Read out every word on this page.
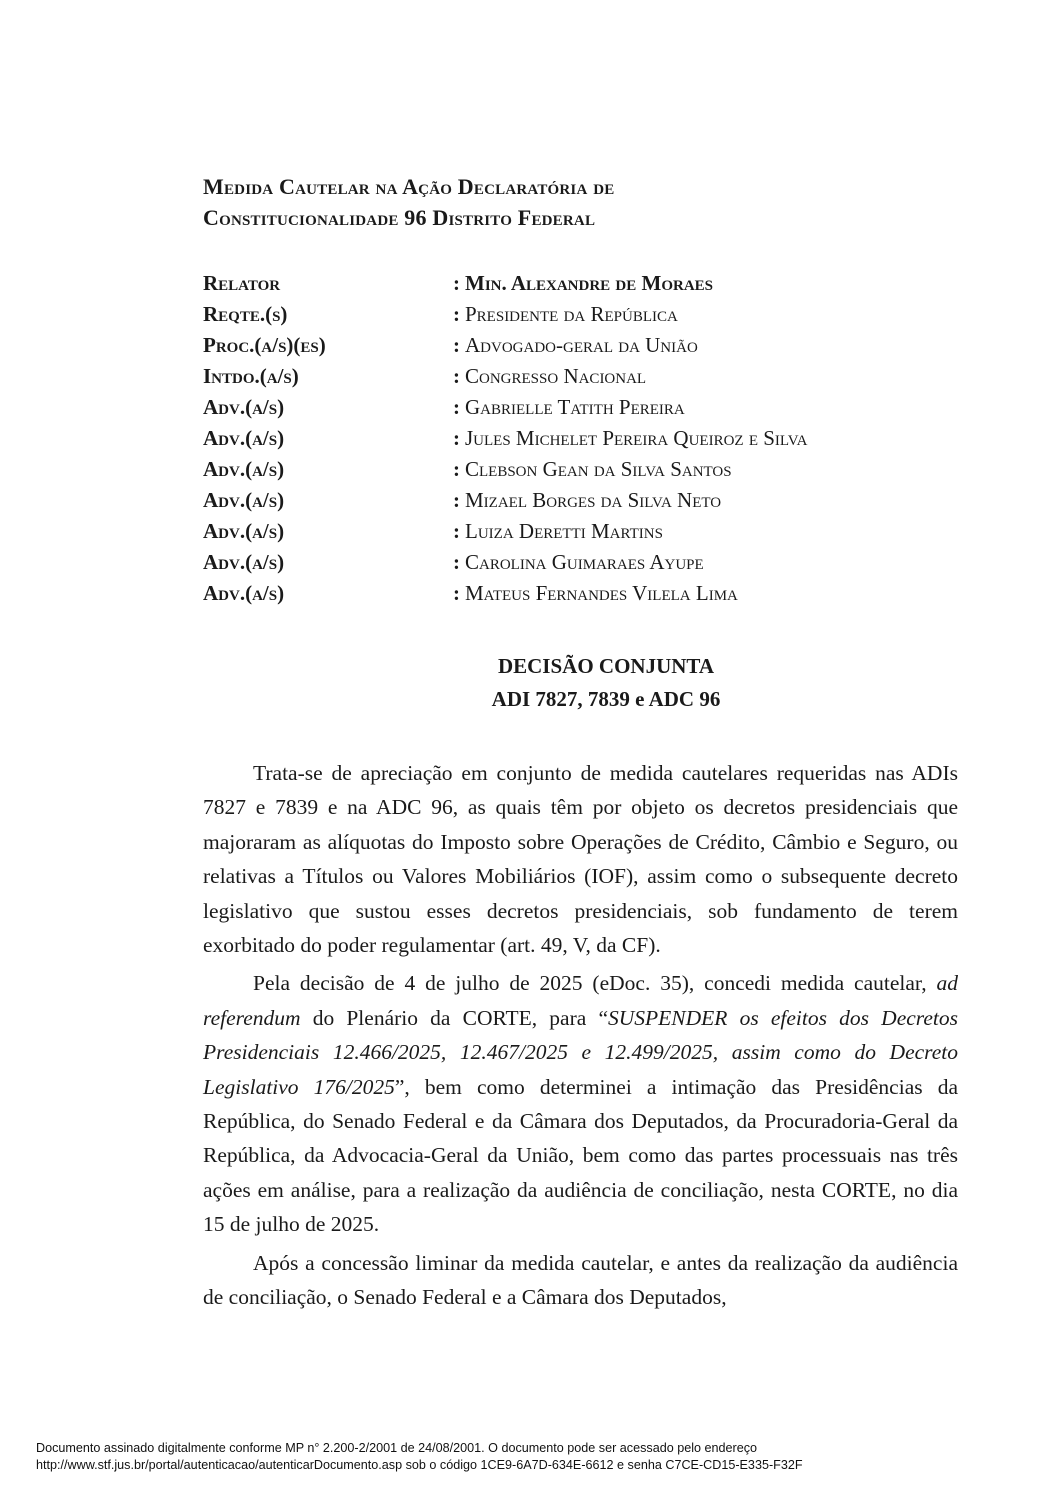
Medida Cautelar na Ação Declaratória de
Constitucionalidade 96 Distrito Federal
Relator	: Min. Alexandre de Moraes
Reqte.(s)	: Presidente da República
Proc.(a/s)(es)	: Advogado-geral da União
Intdo.(a/s)	: Congresso Nacional
Adv.(a/s)	: Gabrielle Tatith Pereira
Adv.(a/s)	: Jules Michelet Pereira Queiroz e Silva
Adv.(a/s)	: Clebson Gean da Silva Santos
Adv.(a/s)	: Mizael Borges da Silva Neto
Adv.(a/s)	: Luiza Deretti Martins
Adv.(a/s)	: Carolina Guimaraes Ayupe
Adv.(a/s)	: Mateus Fernandes Vilela Lima
DECISÃO CONJUNTA
ADI 7827, 7839 e ADC 96

Trata-se de apreciação em conjunto de medida cautelares requeridas nas ADIs 7827 e 7839 e na ADC 96, as quais têm por objeto os decretos presidenciais que majoraram as alíquotas do Imposto sobre Operações de Crédito, Câmbio e Seguro, ou relativas a Títulos ou Valores Mobiliários (IOF), assim como o subsequente decreto legislativo que sustou esses decretos presidenciais, sob fundamento de terem exorbitado do poder regulamentar (art. 49, V, da CF).

Pela decisão de 4 de julho de 2025 (eDoc. 35), concedi medida cautelar, ad referendum do Plenário da CORTE, para “SUSPENDER os efeitos dos Decretos Presidenciais 12.466/2025, 12.467/2025 e 12.499/2025, assim como do Decreto Legislativo 176/2025”, bem como determinei a intimação das Presidências da República, do Senado Federal e da Câmara dos Deputados, da Procuradoria-Geral da República, da Advocacia-Geral da União, bem como das partes processuais nas três ações em análise, para a realização da audiência de conciliação, nesta CORTE, no dia 15 de julho de 2025.

Após a concessão liminar da medida cautelar, e antes da realização da audiência de conciliação, o Senado Federal e a Câmara dos Deputados,

Documento assinado digitalmente conforme MP n° 2.200-2/2001 de 24/08/2001. O documento pode ser acessado pelo endereço
http://www.stf.jus.br/portal/autenticacao/autenticarDocumento.asp sob o código 1CE9-6A7D-634E-6612 e senha C7CE-CD15-E335-F32F
